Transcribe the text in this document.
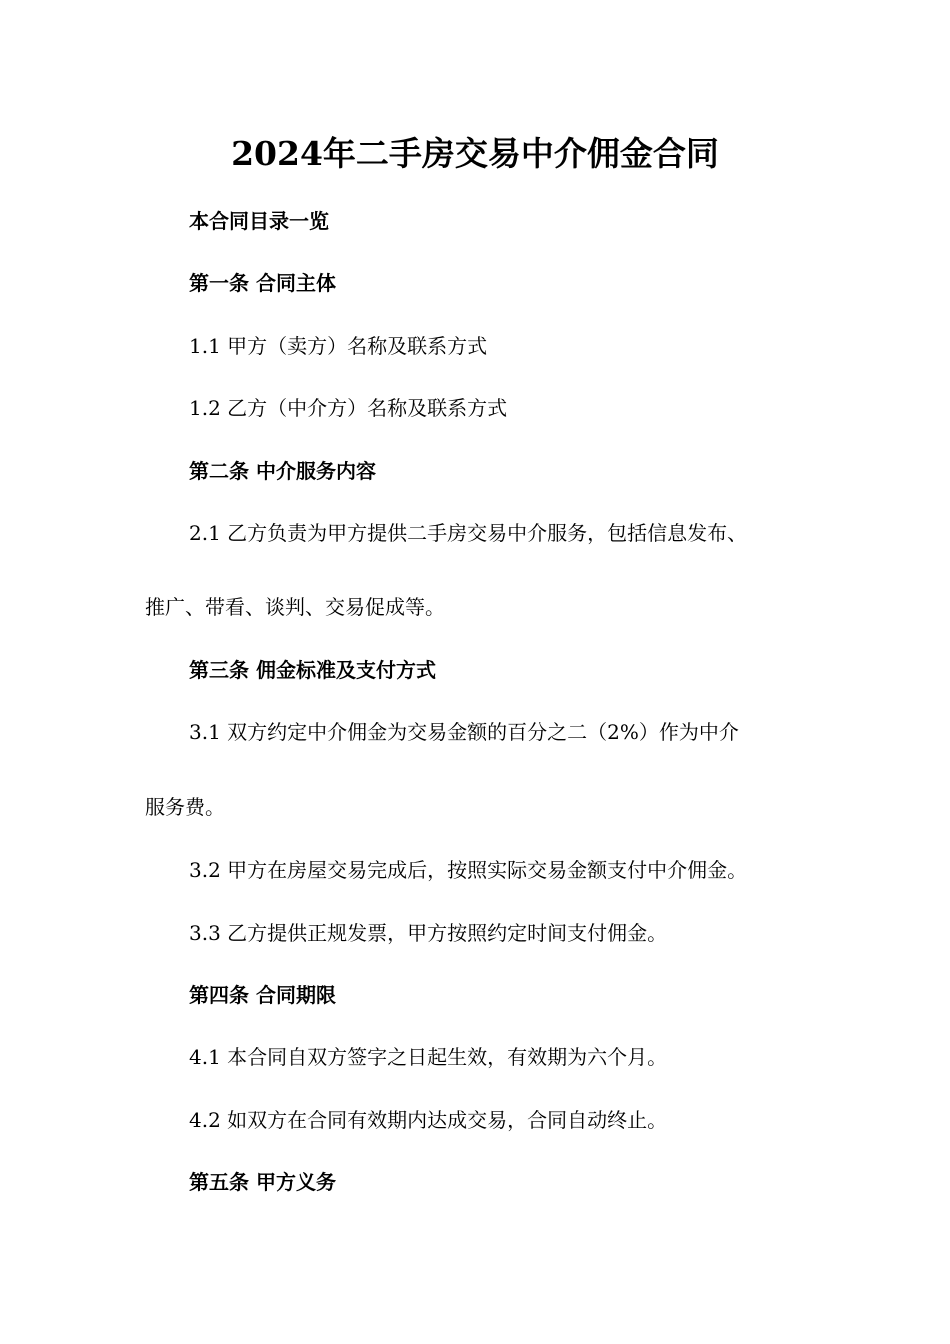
2024年二手房交易中介佣金合同
本合同目录一览
第一条 合同主体
1.1 甲方（卖方）名称及联系方式
1.2 乙方（中介方）名称及联系方式
第二条 中介服务内容
2.1 乙方负责为甲方提供二手房交易中介服务，包括信息发布、
推广、带看、谈判、交易促成等。
第三条 佣金标准及支付方式
3.1 双方约定中介佣金为交易金额的百分之二（2%）作为中介
服务费。
3.2 甲方在房屋交易完成后，按照实际交易金额支付中介佣金。
3.3 乙方提供正规发票，甲方按照约定时间支付佣金。
第四条 合同期限
4.1 本合同自双方签字之日起生效，有效期为六个月。
4.2 如双方在合同有效期内达成交易，合同自动终止。
第五条 甲方义务
